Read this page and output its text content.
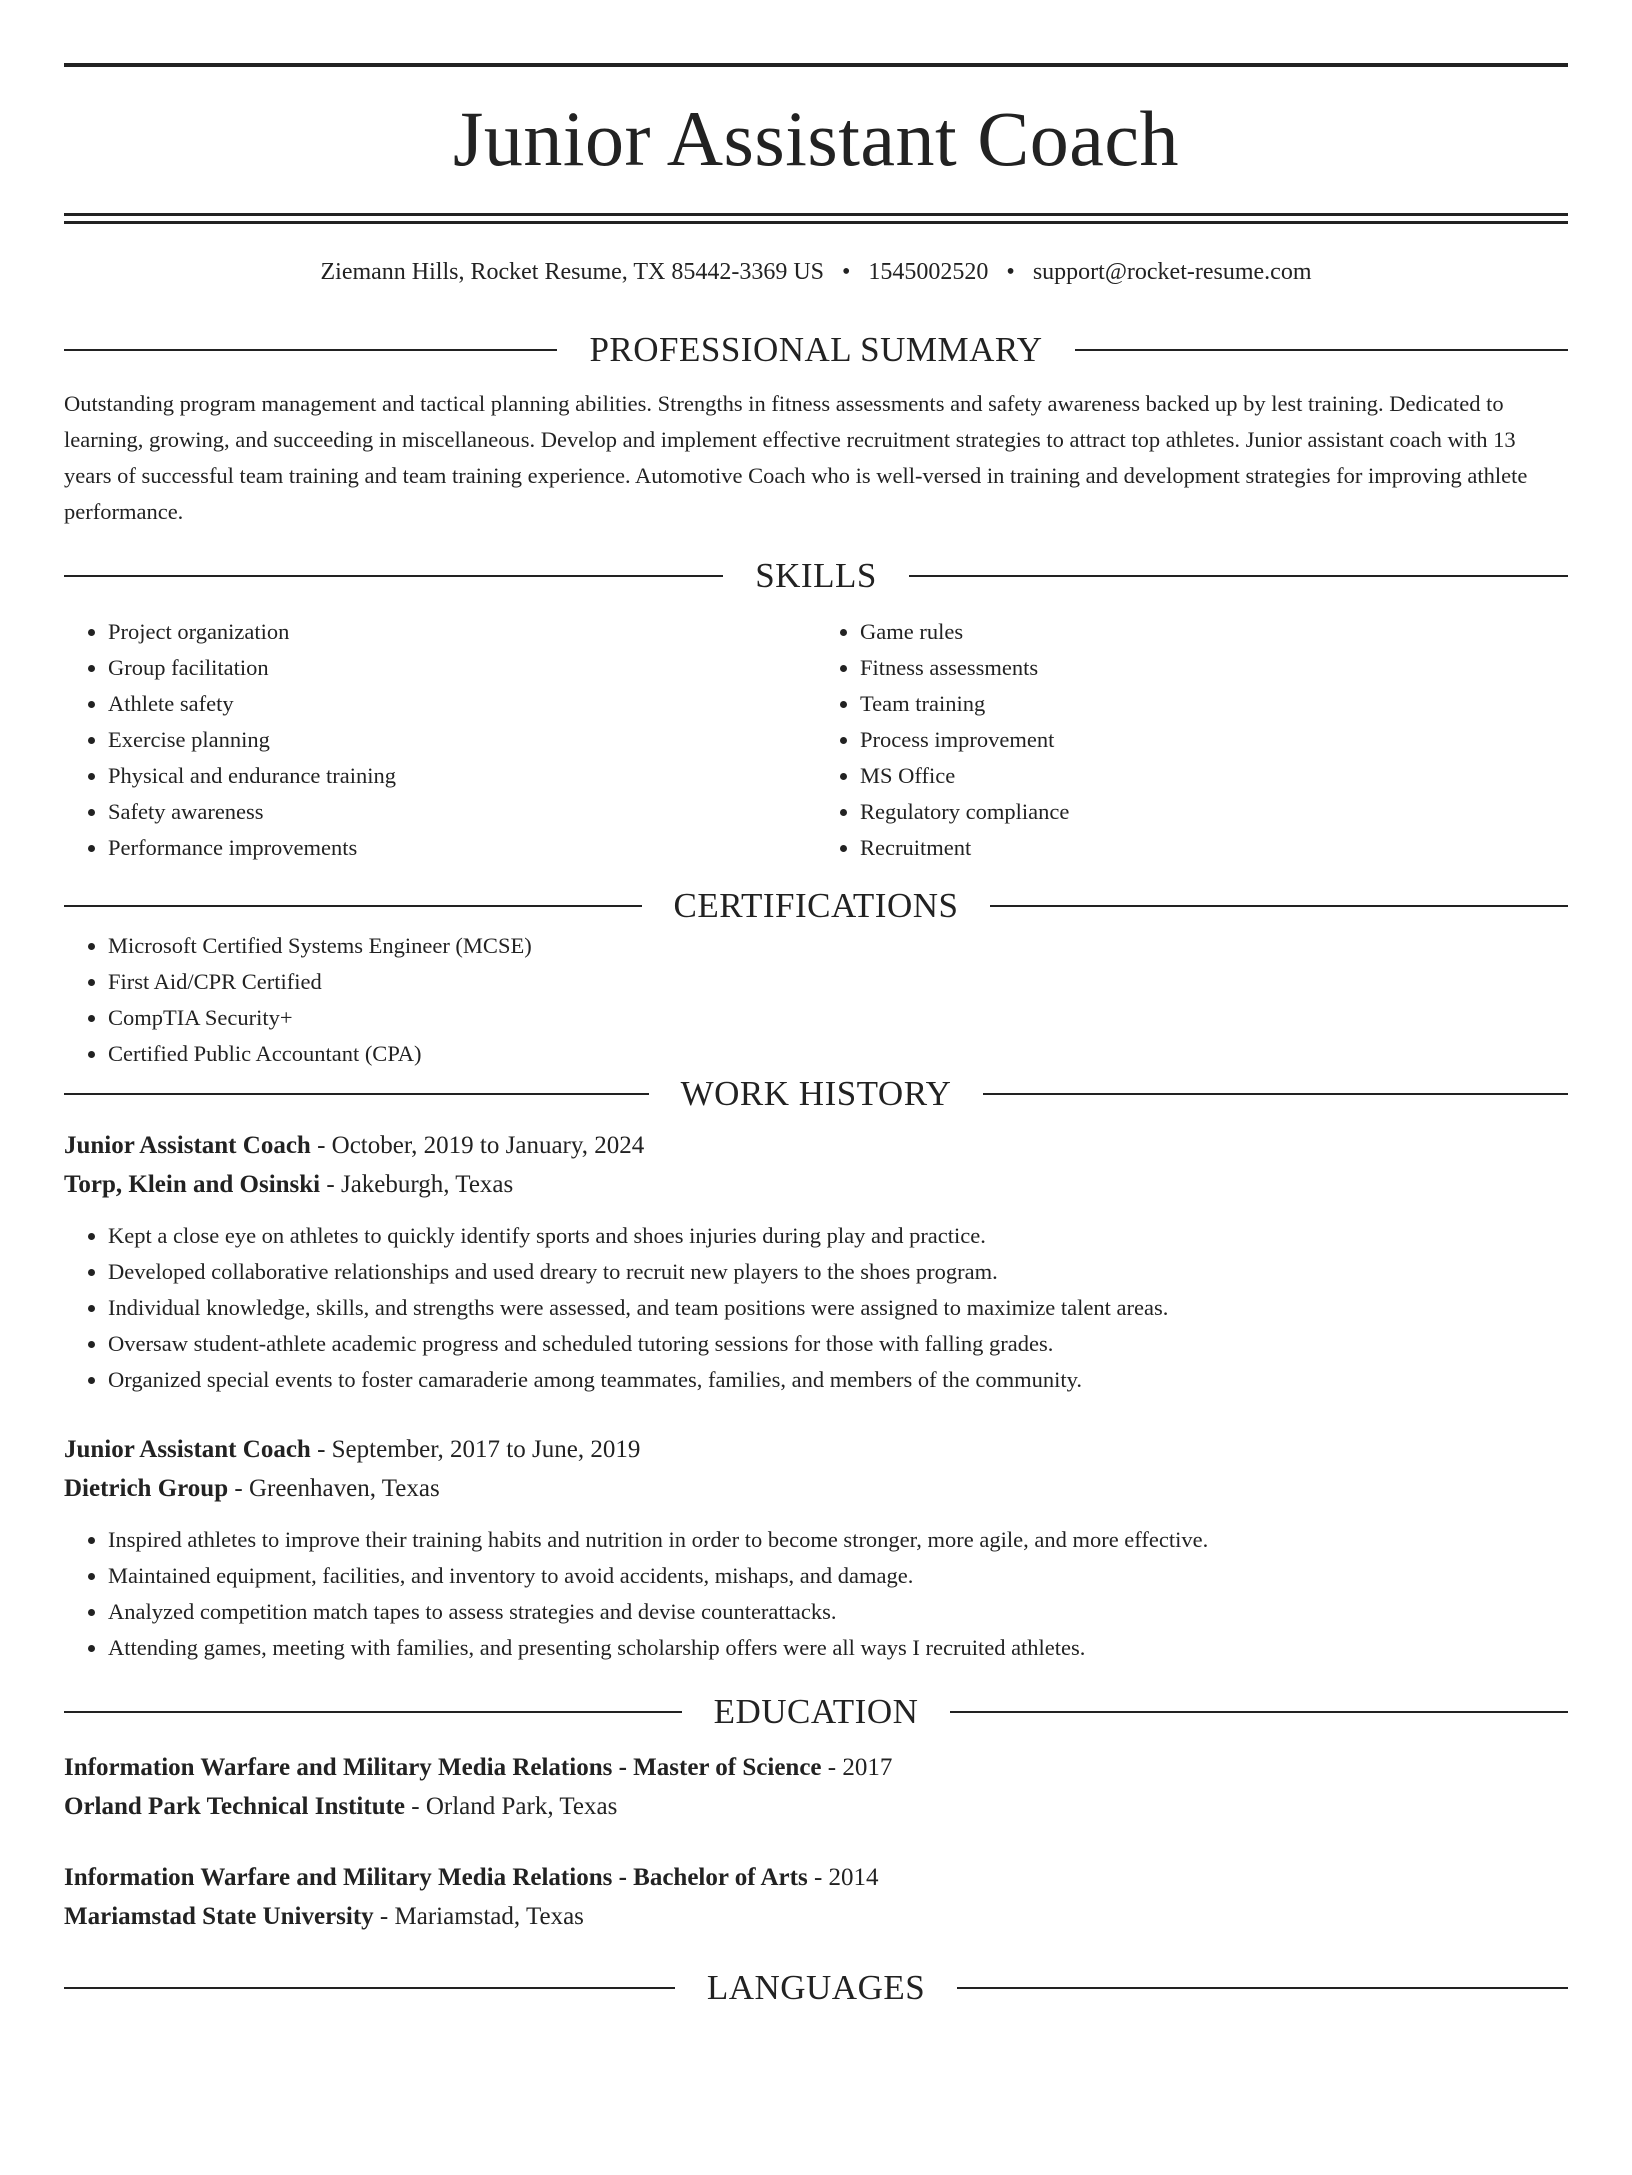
Junior Assistant Coach
Ziemann Hills, Rocket Resume, TX 85442-3369 US • 1545002520 • support@rocket-resume.com
PROFESSIONAL SUMMARY

Outstanding program management and tactical planning abilities. Strengths in fitness assessments and safety awareness backed up by lest training. Dedicated to learning, growing, and succeeding in miscellaneous. Develop and implement effective recruitment strategies to attract top athletes. Junior assistant coach with 13 years of successful team training and team training experience. Automotive Coach who is well-versed in training and development strategies for improving athlete performance.

SKILLS
• Project organization
• Group facilitation
• Athlete safety
• Exercise planning
• Physical and endurance training
• Safety awareness
• Performance improvements
• Game rules
• Fitness assessments
• Team training
• Process improvement
• MS Office
• Regulatory compliance
• Recruitment
CERTIFICATIONS
• Microsoft Certified Systems Engineer (MCSE)
• First Aid/CPR Certified
• CompTIA Security+
• Certified Public Accountant (CPA)
WORK HISTORY
Junior Assistant Coach - October, 2019 to January, 2024
Torp, Klein and Osinski - Jakeburgh, Texas
• Kept a close eye on athletes to quickly identify sports and shoes injuries during play and practice.
• Developed collaborative relationships and used dreary to recruit new players to the shoes program.
• Individual knowledge, skills, and strengths were assessed, and team positions were assigned to maximize talent areas.
• Oversaw student-athlete academic progress and scheduled tutoring sessions for those with falling grades.
• Organized special events to foster camaraderie among teammates, families, and members of the community.
Junior Assistant Coach - September, 2017 to June, 2019
Dietrich Group - Greenhaven, Texas
• Inspired athletes to improve their training habits and nutrition in order to become stronger, more agile, and more effective.
• Maintained equipment, facilities, and inventory to avoid accidents, mishaps, and damage.
• Analyzed competition match tapes to assess strategies and devise counterattacks.
• Attending games, meeting with families, and presenting scholarship offers were all ways I recruited athletes.
EDUCATION
Information Warfare and Military Media Relations - Master of Science - 2017
Orland Park Technical Institute - Orland Park, Texas
Information Warfare and Military Media Relations - Bachelor of Arts - 2014
Mariamstad State University - Mariamstad, Texas
LANGUAGES
